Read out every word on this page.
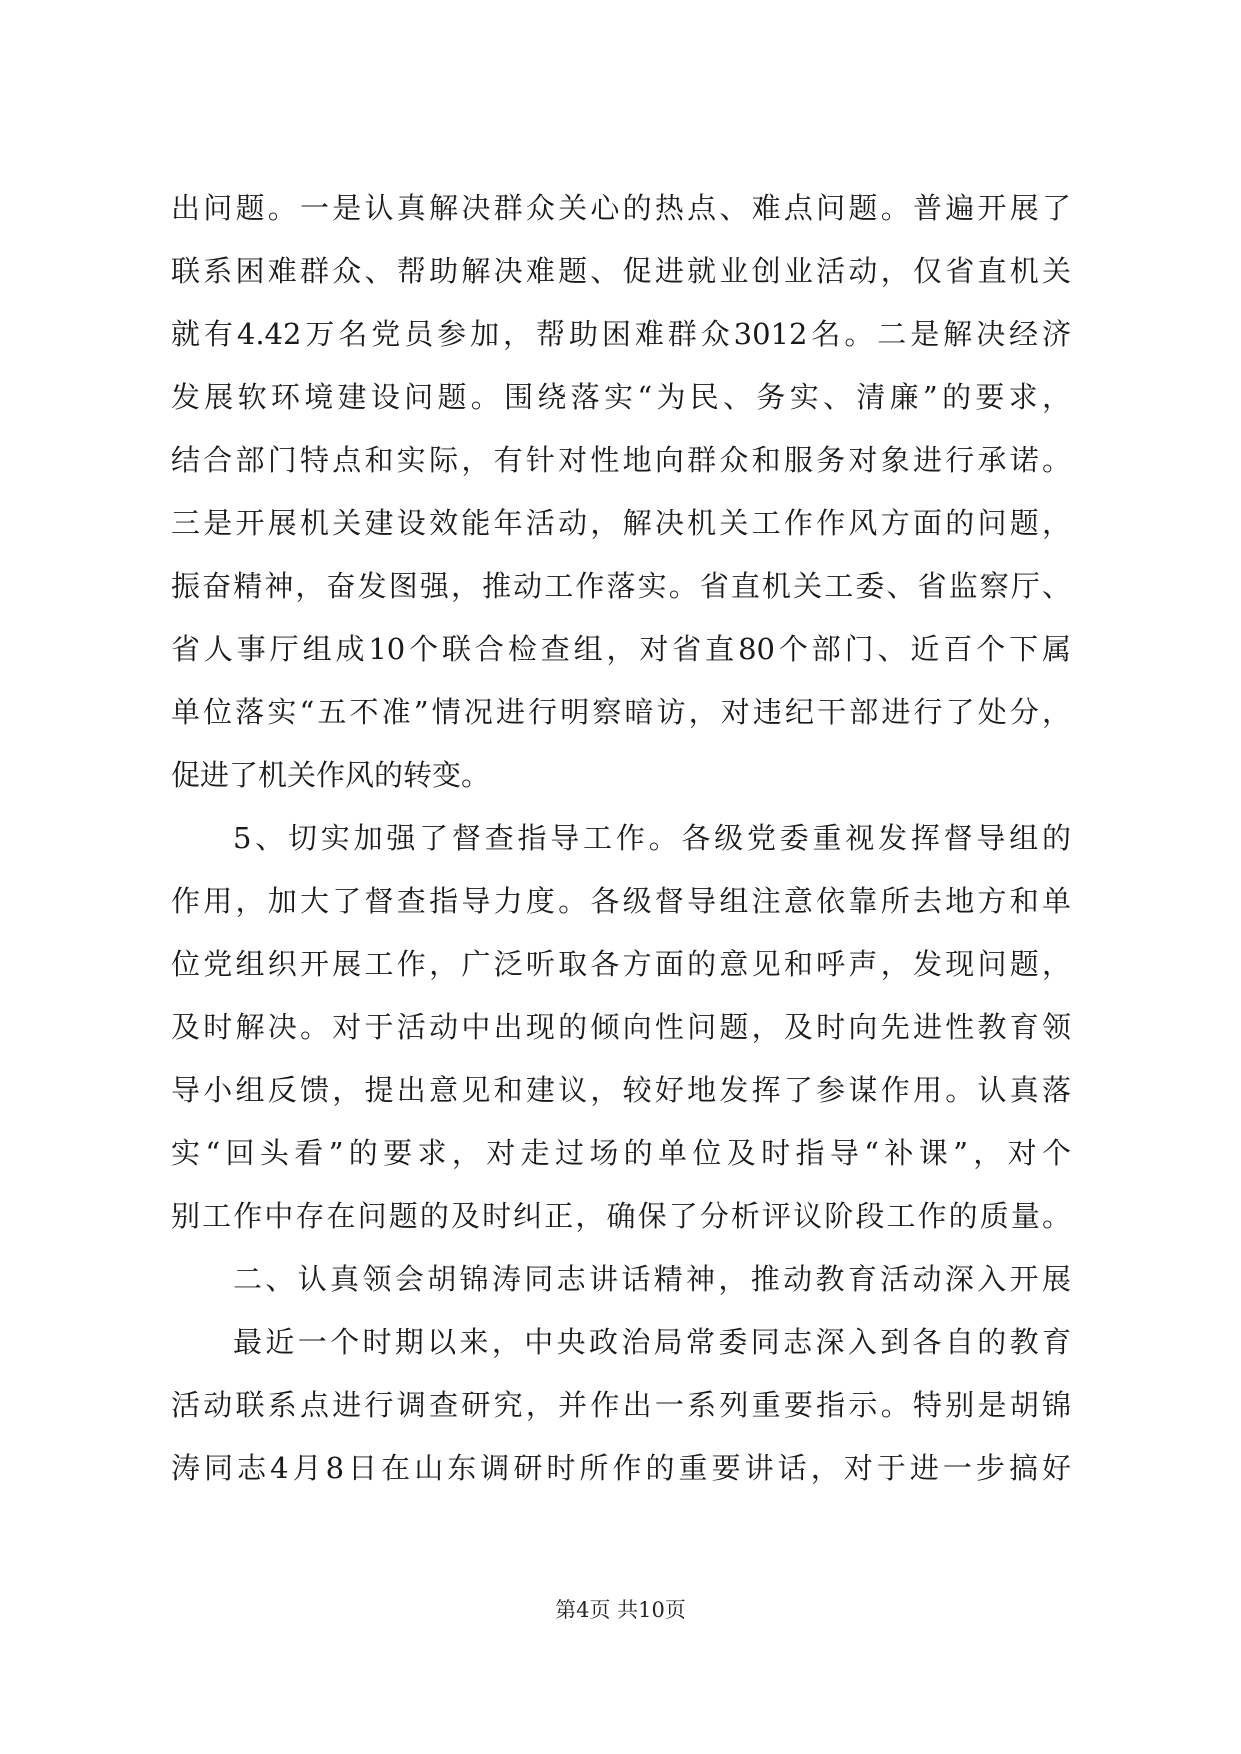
出问题。一是认真解决群众关心的热点、难点问题。普遍开展了
联系困难群众、帮助解决难题、促进就业创业活动，仅省直机关
就有4.42万名党员参加，帮助困难群众3012名。二是解决经济
发展软环境建设问题。围绕落实“为民、务实、清廉”的要求，
结合部门特点和实际，有针对性地向群众和服务对象进行承诺。
三是开展机关建设效能年活动，解决机关工作作风方面的问题，
振奋精神，奋发图强，推动工作落实。省直机关工委、省监察厅、
省人事厅组成10个联合检查组，对省直80个部门、近百个下属
单位落实“五不准”情况进行明察暗访，对违纪干部进行了处分，
促进了机关作风的转变。
5、切实加强了督查指导工作。各级党委重视发挥督导组的
作用，加大了督查指导力度。各级督导组注意依靠所去地方和单
位党组织开展工作，广泛听取各方面的意见和呼声，发现问题，
及时解决。对于活动中出现的倾向性问题，及时向先进性教育领
导小组反馈，提出意见和建议，较好地发挥了参谋作用。认真落
实“回头看”的要求，对走过场的单位及时指导“补课”，对个
别工作中存在问题的及时纠正，确保了分析评议阶段工作的质量。
二、认真领会胡锦涛同志讲话精神，推动教育活动深入开展
最近一个时期以来，中央政治局常委同志深入到各自的教育
活动联系点进行调查研究，并作出一系列重要指示。特别是胡锦
涛同志4月8日在山东调研时所作的重要讲话，对于进一步搞好
第4页 共10页
